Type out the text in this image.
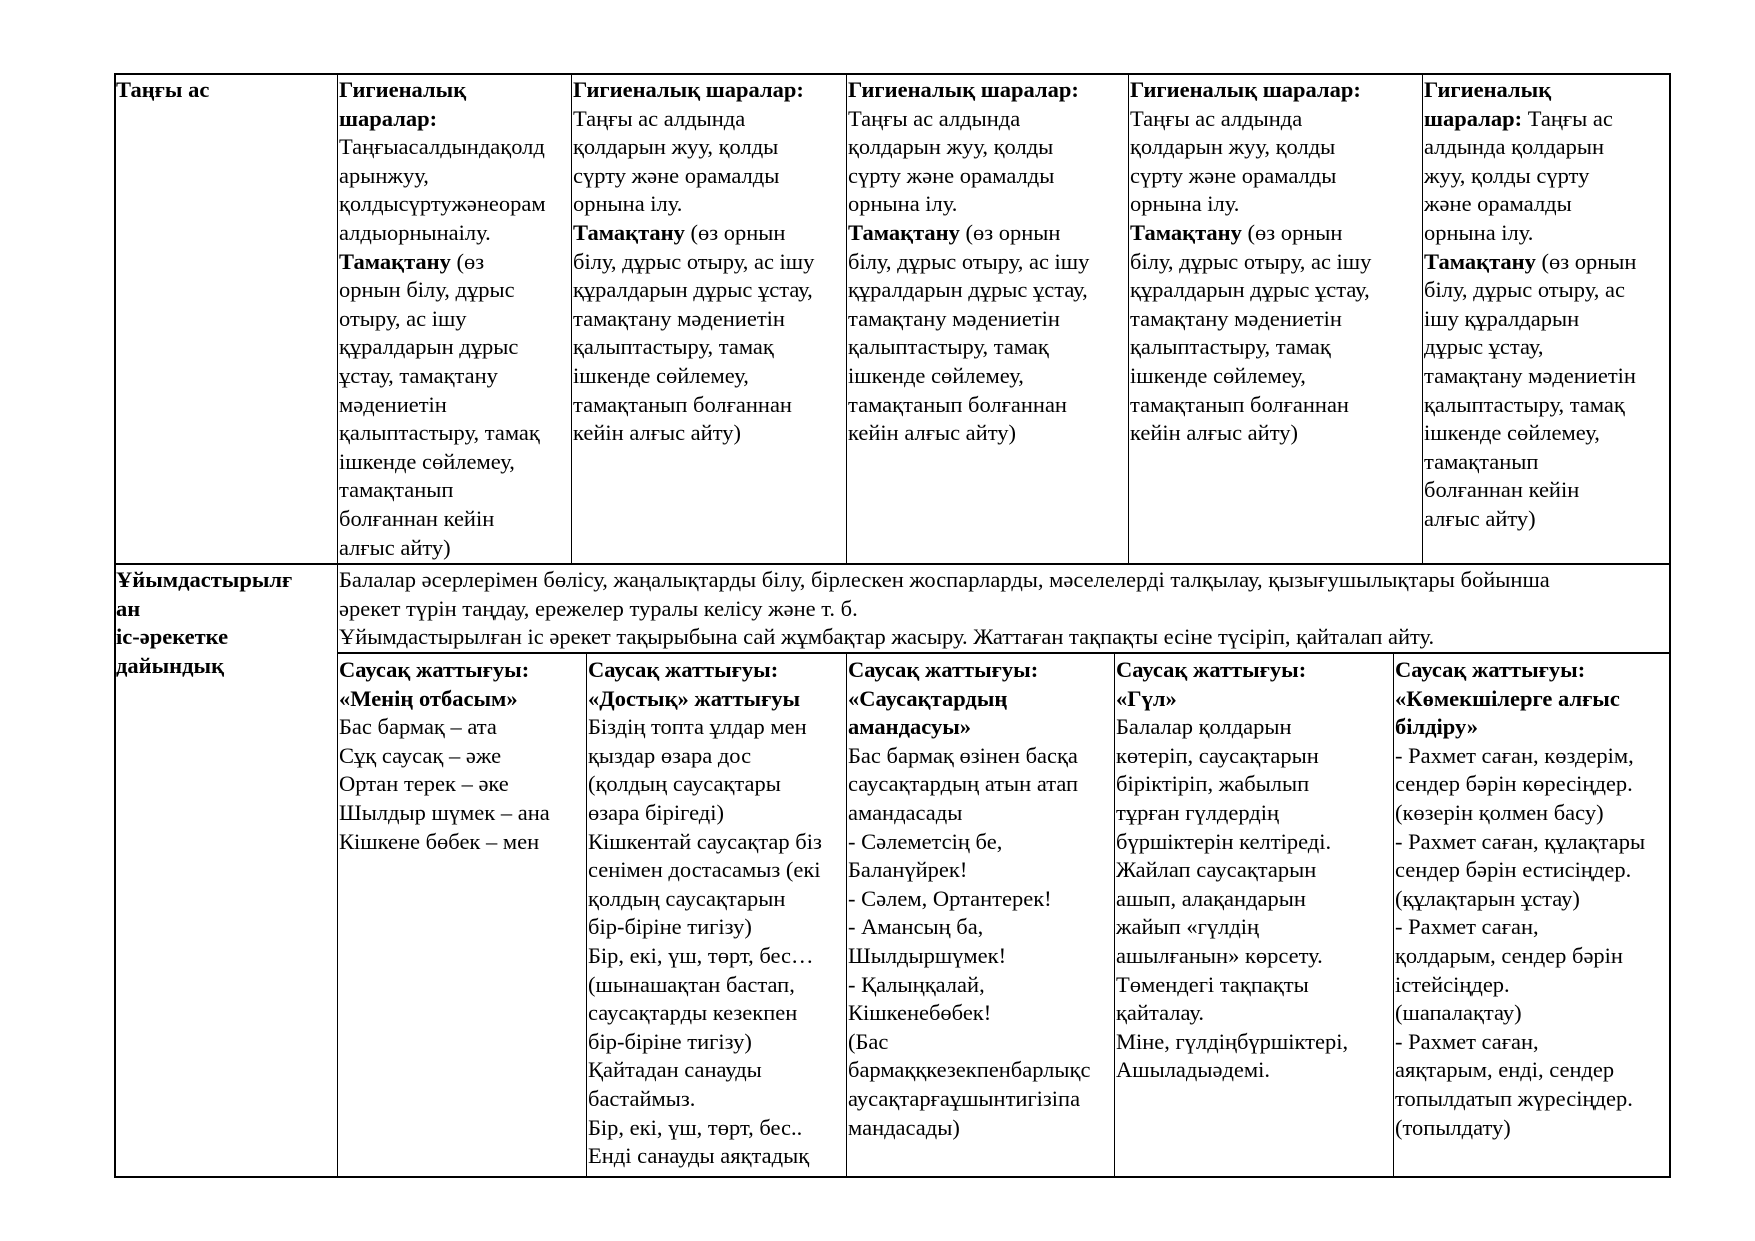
Таңғы ас	Гигиеналық
шаралар:
Таңғыасалдындақолд
арынжуу,
қолдысүртужәнеорам
алдыорнынаілу.
Тамақтану (өз
орнын білу, дұрыс
отыру, ас ішу
құралдарын дұрыс
ұстау, тамақтану
мәдениетін
қалыптастыру, тамақ
ішкенде сөйлемеу,
тамақтанып
болғаннан кейін
алғыс айту)
Гигиеналық шаралар:
Таңғы ас алдында
қолдарын жуу, қолды
сүрту және орамалды
орнына ілу.
Тамақтану (өз орнын
білу, дұрыс отыру, ас ішу
құралдарын дұрыс ұстау,
тамақтану мәдениетін
қалыптастыру, тамақ
ішкенде сөйлемеу,
тамақтанып болғаннан
кейін алғыс айту)
Гигиеналық шаралар:
Таңғы ас алдында
қолдарын жуу, қолды
сүрту және орамалды
орнына ілу.
Тамақтану (өз орнын
білу, дұрыс отыру, ас ішу
құралдарын дұрыс ұстау,
тамақтану мәдениетін
қалыптастыру, тамақ
ішкенде сөйлемеу,
тамақтанып болғаннан
кейін алғыс айту)
Гигиеналық шаралар:
Таңғы ас алдында
қолдарын жуу, қолды
сүрту және орамалды
орнына ілу.
Тамақтану (өз орнын
білу, дұрыс отыру, ас ішу
құралдарын дұрыс ұстау,
тамақтану мәдениетін
қалыптастыру, тамақ
ішкенде сөйлемеу,
тамақтанып болғаннан
кейін алғыс айту)
Гигиеналық
шаралар: Таңғы ас
алдында қолдарын
жуу, қолды сүрту
және орамалды
орнына ілу.
Тамақтану (өз орнын
білу, дұрыс отыру, ас
ішу құралдарын
дұрыс ұстау,
тамақтану мәдениетін
қалыптастыру, тамақ
ішкенде сөйлемеу,
тамақтанып
болғаннан кейін
алғыс айту)
Ұйымдастырылғ
ан
іс-әрекетке
дайындық
Балалар әсерлерімен бөлісу, жаңалықтарды білу, бірлескен жоспарларды, мәселелерді талқылау, қызығушылықтары бойынша
әрекет түрін таңдау, ережелер туралы келісу және т. б.
Ұйымдастырылған іс әрекет тақырыбына сай жұмбақтар жасыру. Жаттаған тақпақты есіне түсіріп, қайталап айту.
Саусақ жаттығуы:
«Менің отбасым»
Бас бармақ – ата
Сұқ саусақ – әже
Ортан терек – әке
Шылдыр шүмек – ана
Кішкене бөбек – мен
Саусақ жаттығуы:
«Достық» жаттығуы
Біздің топта ұлдар мен
қыздар өзара дос
(қолдың саусақтары
өзара бірігеді)
Кішкентай саусақтар біз
сенімен достасамыз (екі
қолдың саусақтарын
бір-біріне тигізу)
Бір, екі, үш, төрт, бес…
(шынашақтан бастап,
саусақтарды кезекпен
бір-біріне тигізу)
Қайтадан санауды
бастаймыз.
Бір, екі, үш, төрт, бес..
Енді санауды аяқтадық
Саусақ жаттығуы:
«Саусақтардың
амандасуы»
Бас бармақ өзінен басқа
саусақтардың атын атап
амандасады
- Сәлеметсің бе,
Баланүйрек!
- Сәлем, Ортантерек!
- Амансың ба,
Шылдыршүмек!
- Қалыңқалай,
Кішкенебөбек!
(Бас
бармаққкезекпенбарлықс
аусақтарғаұшынтигізіпа
мандасады)
Саусақ жаттығуы:
«Гүл»
Балалар қолдарын
көтеріп, саусақтарын
біріктіріп, жабылып
тұрған гүлдердің
бүршіктерін келтіреді.
Жайлап саусақтарын
ашып, алақандарын
жайып «гүлдің
ашылғанын» көрсету.
Төмендегі тақпақты
қайталау.
Міне, гүлдіңбүршіктері,
Ашыладыәдемі.
Саусақ жаттығуы:
«Көмекшілерге алғыс
білдіру»
- Рахмет саған, көздерім,
сендер бәрін көресіңдер.
(көзерін қолмен басу)
- Рахмет саған, құлақтары
сендер бәрін естисіңдер.
(құлақтарын ұстау)
- Рахмет саған,
қолдарым, сендер бәрін
істейсіңдер.
(шапалақтау)
- Рахмет саған,
аяқтарым, енді, сендер
топылдатып жүресіңдер.
(топылдату)
